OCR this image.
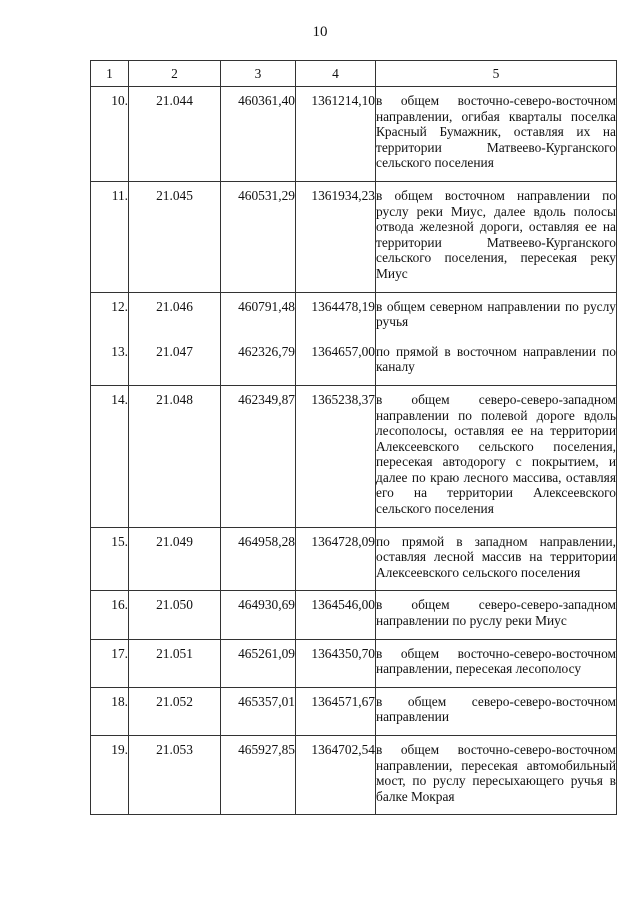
10
1	2	3	4	5
10.	21.044	460361,40	1361214,10	в общем восточно-северо-восточном направлении, огибая кварталы поселка Красный Бумажник, оставляя их на территории Матвеево-Курганского сельского поселения
11.	21.045	460531,29	1361934,23	в общем восточном направлении по руслу реки Миус, далее вдоль полосы отвода железной дороги, оставляя ее на территории Матвеево-Курганского сельского поселения, пересекая реку Миус
12.	21.046	460791,48	1364478,19	в общем северном направлении по руслу ручья
13.	21.047	462326,79	1364657,00	по прямой в восточном направлении по каналу
14.	21.048	462349,87	1365238,37	в общем северо-северо-западном направлении по полевой дороге вдоль лесополосы, оставляя ее на территории Алексеевского сельского поселения, пересекая автодорогу с покрытием, и далее по краю лесного массива, оставляя его на территории Алексеевского сельского поселения
15.	21.049	464958,28	1364728,09	по прямой в западном направлении, оставляя лесной массив на территории Алексеевского сельского поселения
16.	21.050	464930,69	1364546,00	в общем северо-северо-западном направлении по руслу реки Миус
17.	21.051	465261,09	1364350,70	в общем восточно-северо-восточном направлении, пересекая лесополосу
18.	21.052	465357,01	1364571,67	в общем северо-северо-восточном направлении
19.	21.053	465927,85	1364702,54	в общем восточно-северо-восточном направлении, пересекая автомобильный мост, по руслу пересыхающего ручья в балке Мокрая
